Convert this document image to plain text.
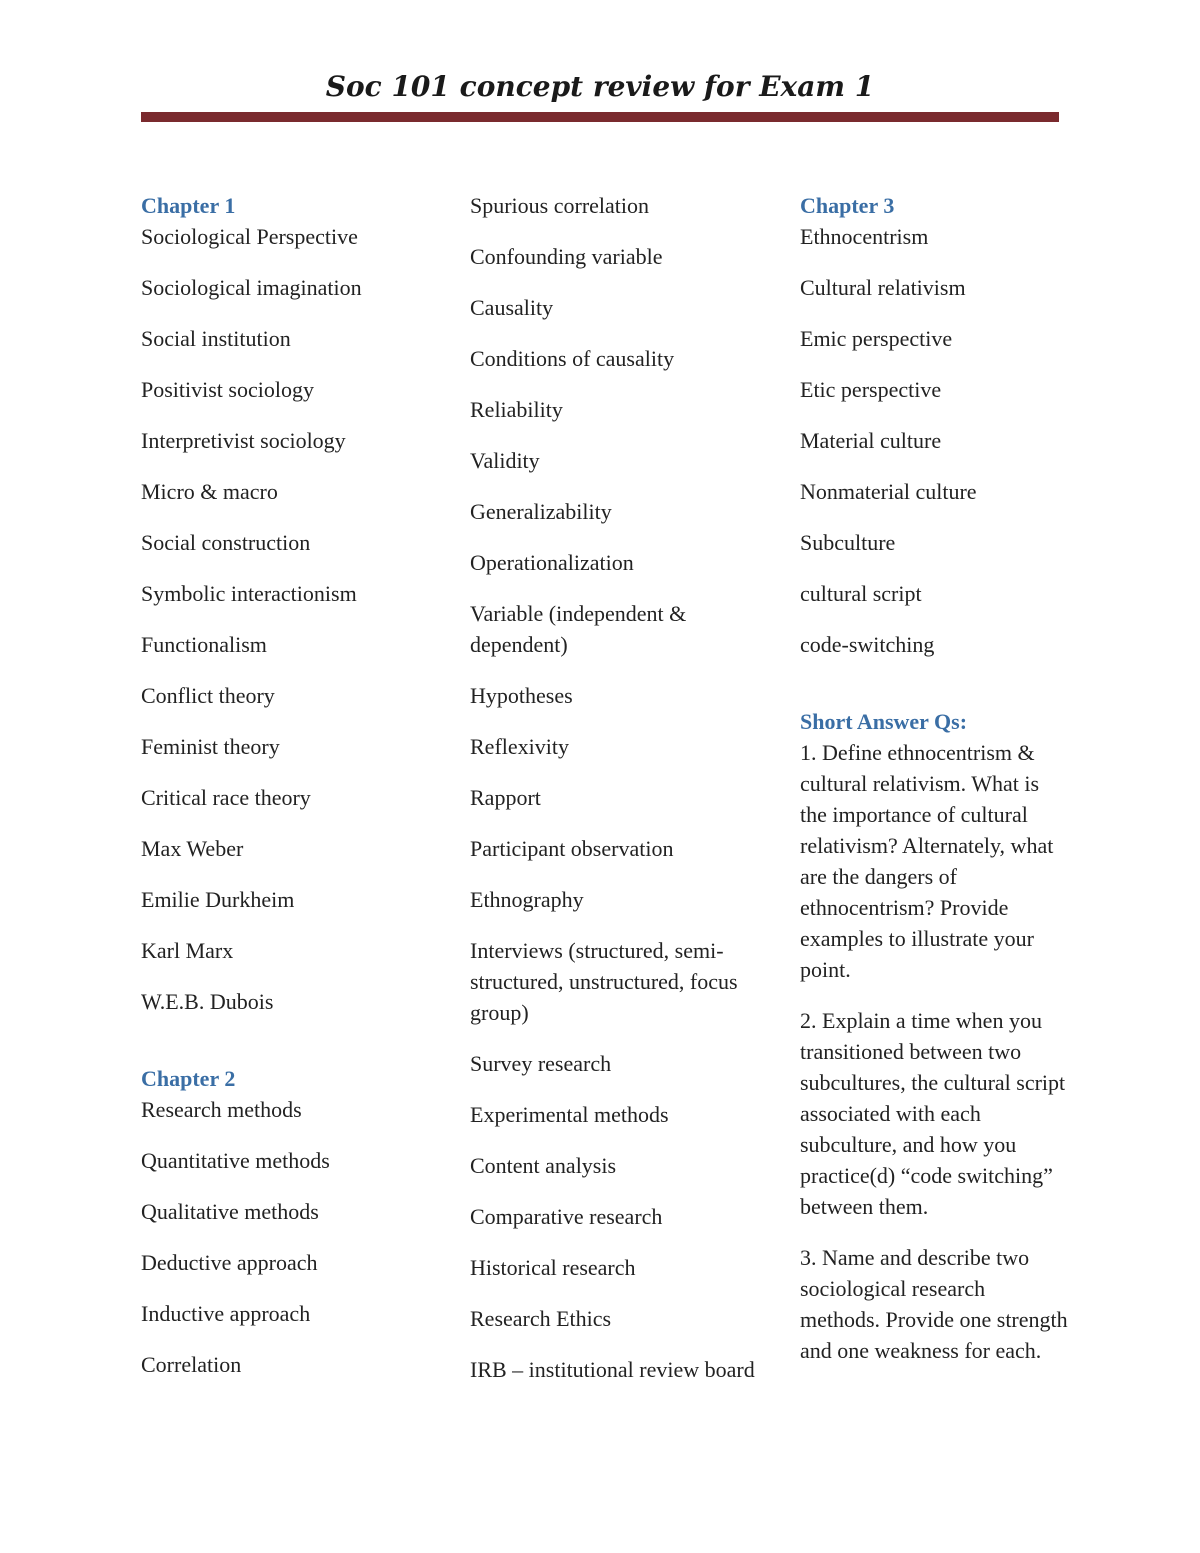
Soc 101 concept review for Exam 1
Chapter 1
Sociological Perspective
Sociological imagination
Social institution
Positivist sociology
Interpretivist sociology
Micro & macro
Social construction
Symbolic interactionism
Functionalism
Conflict theory
Feminist theory
Critical race theory
Max Weber
Emilie Durkheim
Karl Marx
W.E.B. Dubois
Chapter 2
Research methods
Quantitative methods
Qualitative methods
Deductive approach
Inductive approach
Correlation
Spurious correlation
Confounding variable
Causality
Conditions of causality
Reliability
Validity
Generalizability
Operationalization
Variable (independent & dependent)
Hypotheses
Reflexivity
Rapport
Participant observation
Ethnography
Interviews (structured, semi-structured, unstructured, focus group)
Survey research
Experimental methods
Content analysis
Comparative research
Historical research
Research Ethics
IRB – institutional review board
Chapter 3
Ethnocentrism
Cultural relativism
Emic perspective
Etic perspective
Material culture
Nonmaterial culture
Subculture
cultural script
code-switching
Short Answer Qs:

1. Define ethnocentrism & cultural relativism. What is the importance of cultural relativism? Alternately, what are the dangers of ethnocentrism? Provide examples to illustrate your point.

2. Explain a time when you transitioned between two subcultures, the cultural script associated with each subculture, and how you practice(d) “code switching” between them.

3. Name and describe two sociological research methods. Provide one strength and one weakness for each.
